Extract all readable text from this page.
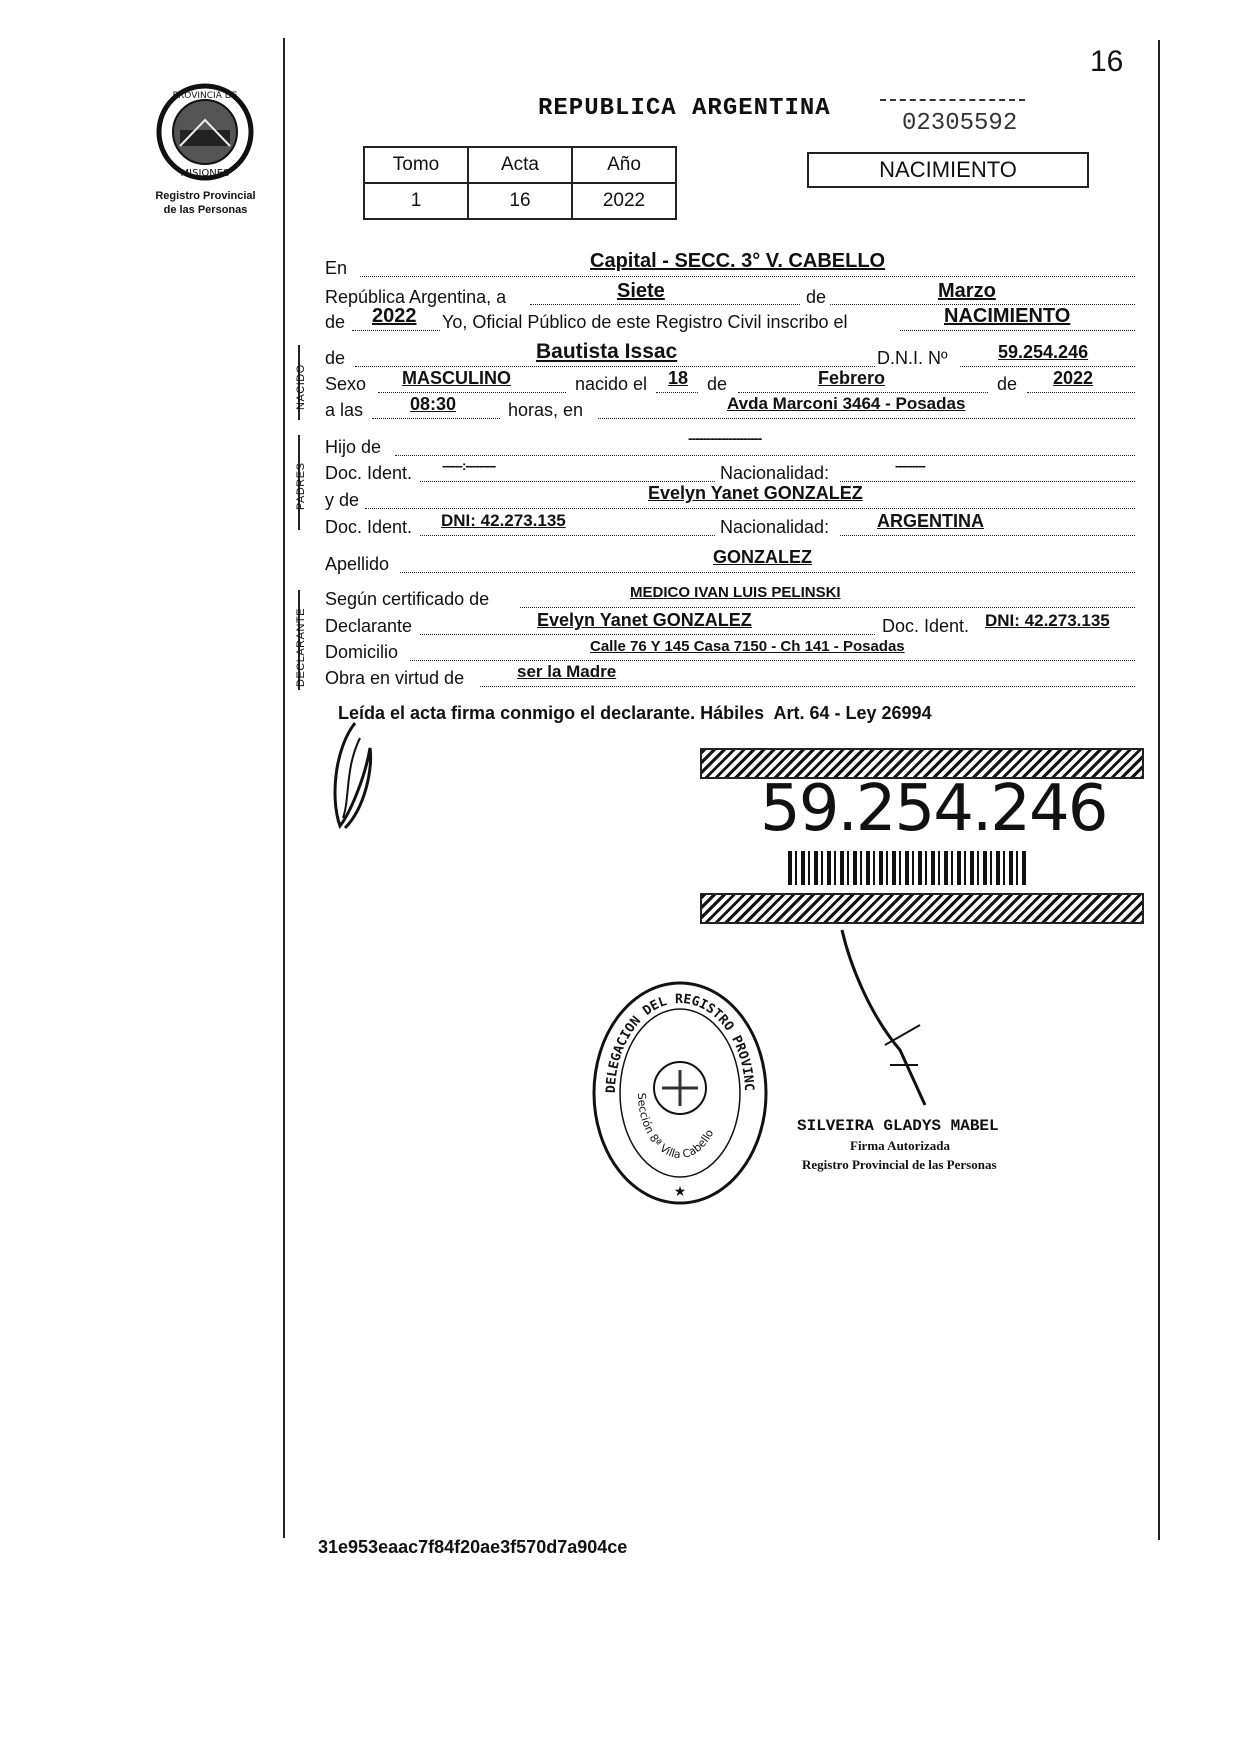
PROVINCIA DE
MISIONES
Registro Provincial
de las Personas
16
REPUBLICA ARGENTINA
02305592
NACIMIENTO
Tomo	Acta	Año
1	16	2022
En	Capital - SECC. 3° V. CABELLO
República Argentina, a	Siete	de	Marzo
de 2022 Yo, Oficial Público de este Registro Civil inscribo el	NACIMIENTO
NACIDO
de	Bautista Issac	D.N.I. Nº	59.254.246
Sexo MASCULINO	nacido el 18 de	Febrero	de 2022
a las	08:30	horas, en	Avda Marconi 3464 - Posadas
PADRES
Hijo de	--------------------
Doc. Ident. ------:---------	Nacionalidad:	---------
y de	Evelyn Yanet GONZALEZ
Doc. Ident. DNI: 42.273.135	Nacionalidad:	ARGENTINA
Apellido	GONZALEZ
DECLARANTE
Según certificado de	MEDICO IVAN LUIS PELINSKI
Declarante	Evelyn Yanet GONZALEZ	Doc. Ident. DNI: 42.273.135
Domicilio	Calle 76 Y 145 Casa 7150 - Ch 141 - Posadas
Obra en virtud de	ser la Madre
Leída el acta firma conmigo el declarante. Hábiles  Art. 64 - Ley 26994
59.254.246
DELEGACION DEL REGISTRO PROVINC
Sección 8ª Villa Cabello
★
SILVEIRA GLADYS MABEL
Firma Autorizada
Registro Provincial de las Personas
31e953eaac7f84f20ae3f570d7a904ce
